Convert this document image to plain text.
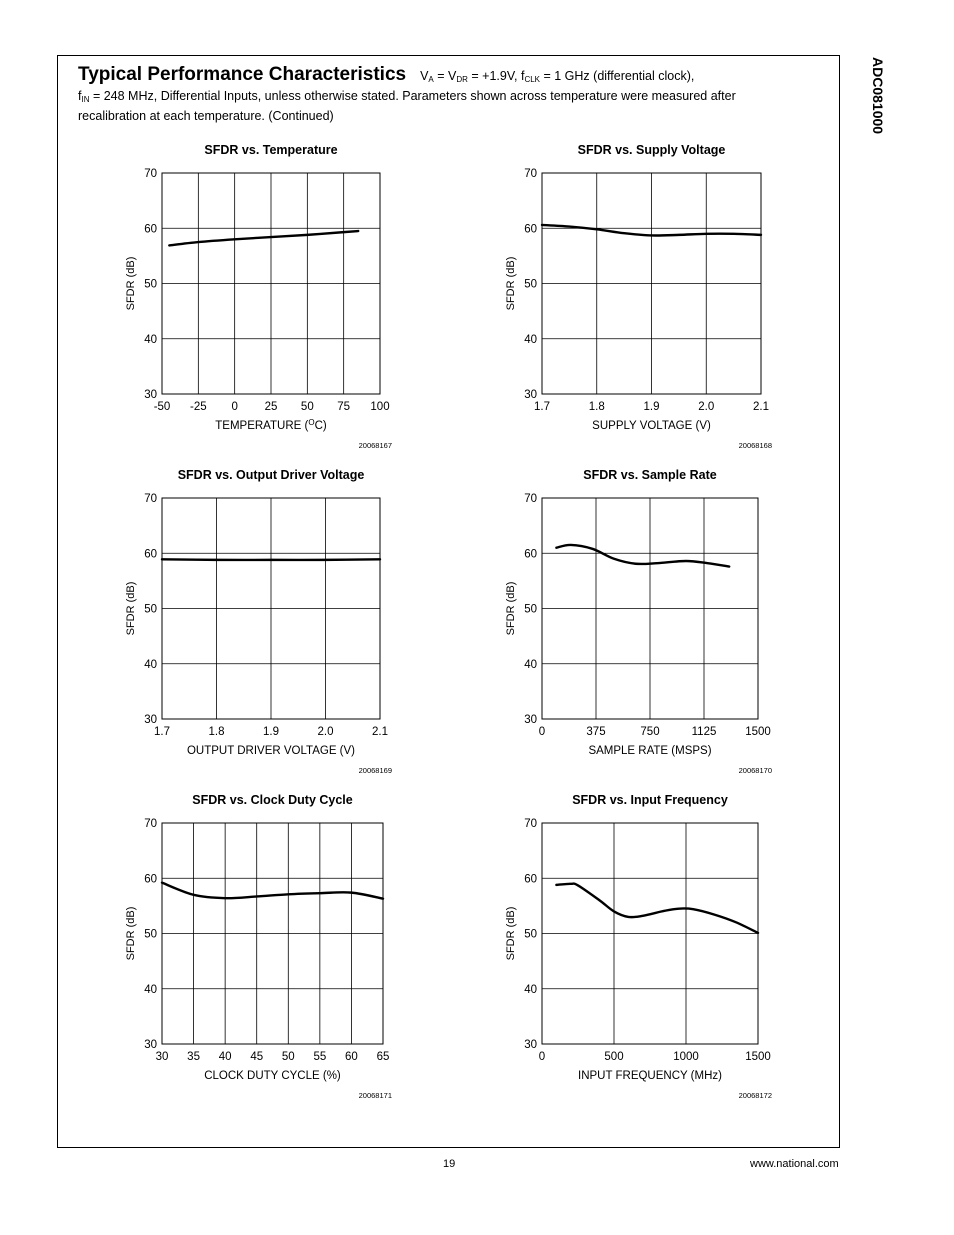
ADC081000
Typical Performance Characteristics $V_A = V_{DR} = +1.9V$, $f_{CLK} = 1$ GHz (differential clock),
$f_{IN} = 248$ MHz, Differential Inputs, unless otherwise stated. Parameters shown across temperature were measured after recalibration at each temperature. (Continued)
SFDR vs. Temperature
70
60
50
40
30
-50 -25 0 25 50 75 100
SFDR (dB)
TEMPERATURE ($^O$C)
20068167
SFDR vs. Supply Voltage
70
60
50
40
30
1.7	1.8	1.9	2.0	2.1
SFDR (dB)
SUPPLY VOLTAGE (V)
20068168
SFDR vs. Output Driver Voltage
70
60
50
40
30
1.7	1.8	1.9	2.0	2.1
SFDR (dB)
OUTPUT DRIVER VOLTAGE (V)
20068169
SFDR vs. Sample Rate
70
60
50
40
30
0	375	750	1125	1500
SFDR (dB)
SAMPLE RATE (MSPS)
20068170
SFDR vs. Clock Duty Cycle
70
60
50
40
30
30 35 40 45 50 55 60 65
SFDR (dB)
CLOCK DUTY CYCLE (%)
20068171
SFDR vs. Input Frequency
70
60
50
40
30
0	500	1000	1500
SFDR (dB)
INPUT FREQUENCY (MHz)
20068172
19	www.national.com
